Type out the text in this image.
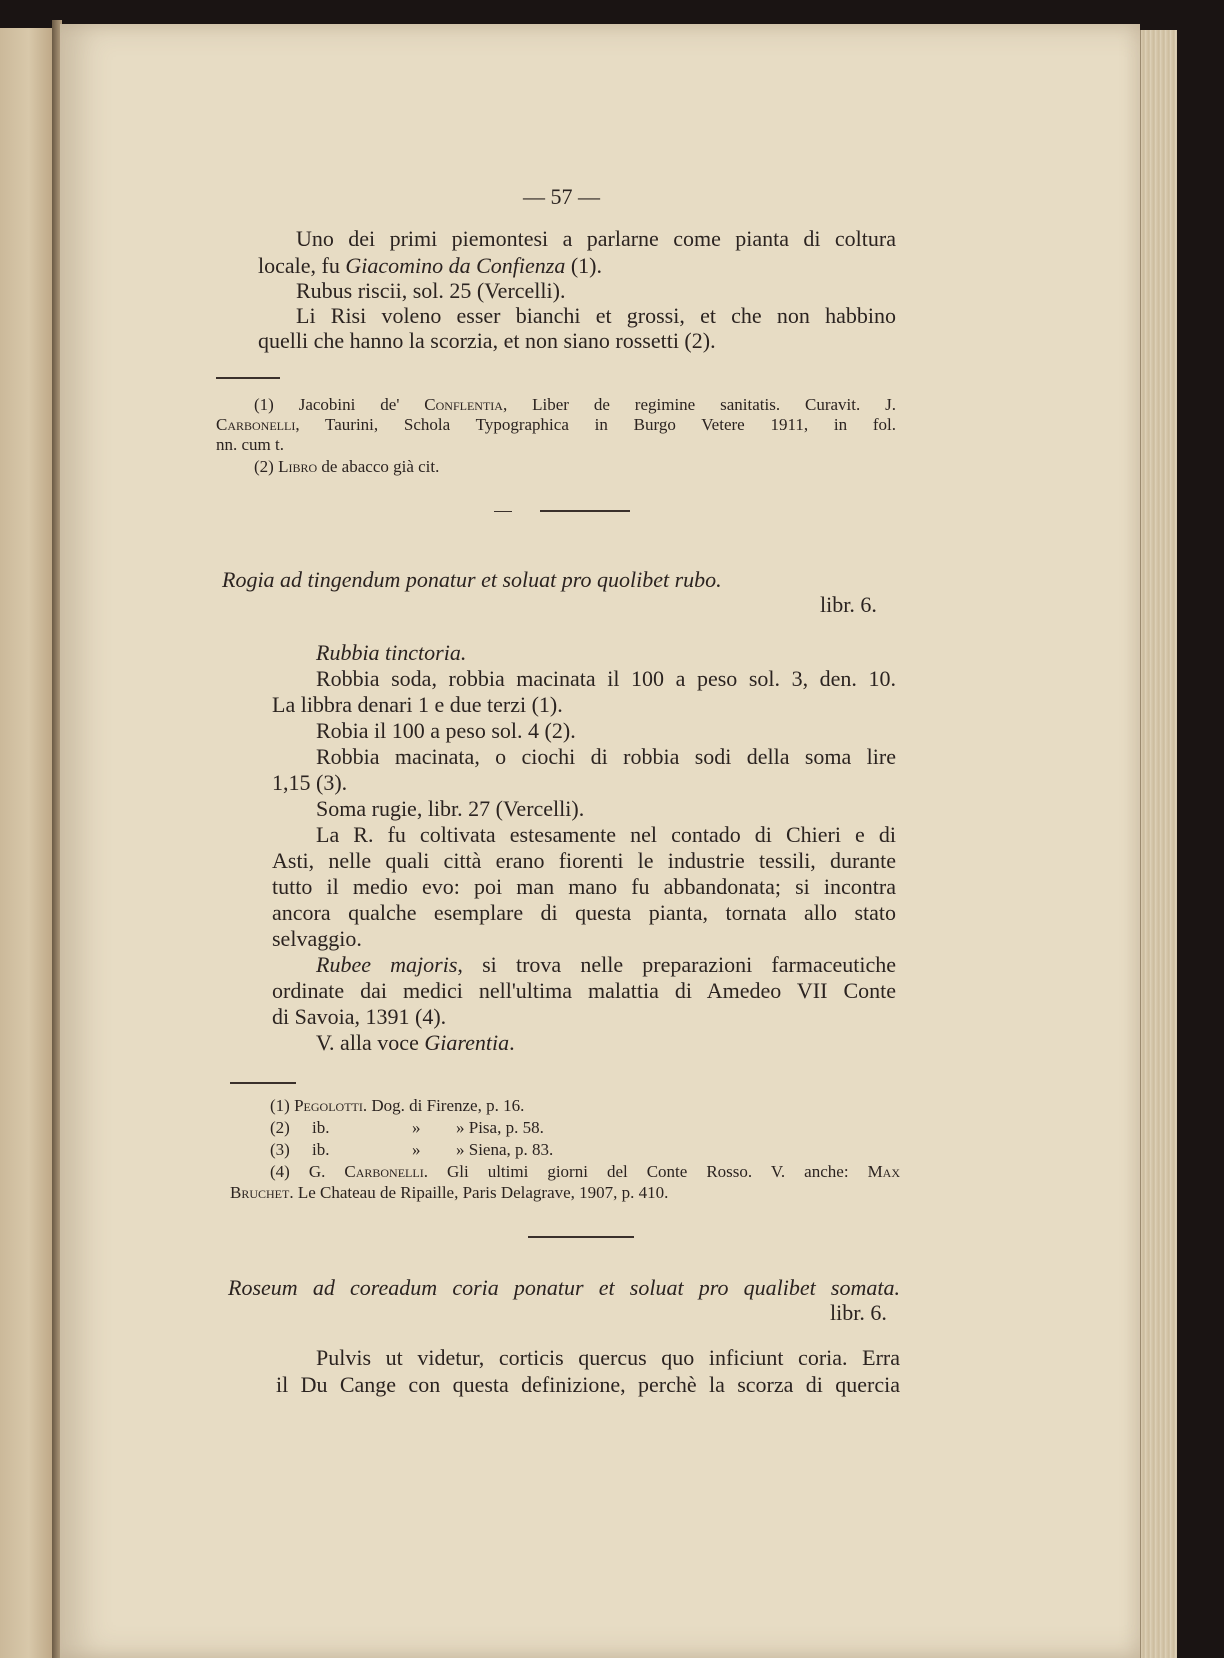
— 57 —
Uno dei primi piemontesi a parlarne come pianta di coltura
locale, fu Giacomino da Confienza (1).
Rubus riscii, sol. 25 (Vercelli).
Li Risi voleno esser bianchi et grossi, et che non habbino
quelli che hanno la scorzia, et non siano rossetti (2).
(1) Jacobini de' Conflentia, Liber de regimine sanitatis. Curavit. J.
Carbonelli, Taurini, Schola Typographica in Burgo Vetere 1911, in fol.
nn. cum t.
(2) Libro de abacco già cit.
Rogia ad tingendum ponatur et soluat pro quolibet rubo.
libr. 6.
Rubbia tinctoria.
Robbia soda, robbia macinata il 100 a peso sol. 3, den. 10.
La libbra denari 1 e due terzi (1).
Robia il 100 a peso sol. 4 (2).
Robbia macinata, o ciochi di robbia sodi della soma lire
1,15 (3).
Soma rugie, libr. 27 (Vercelli).
La R. fu coltivata estesamente nel contado di Chieri e di
Asti, nelle quali città erano fiorenti le industrie tessili, durante
tutto il medio evo: poi man mano fu abbandonata; si incontra
ancora qualche esemplare di questa pianta, tornata allo stato
selvaggio.
Rubee majoris, si trova nelle preparazioni farmaceutiche
ordinate dai medici nell'ultima malattia di Amedeo VII Conte
di Savoia, 1391 (4).
V. alla voce Giarentia.
(1) Pegolotti. Dog. di Firenze, p. 16.
(2) ib.	» » Pisa, p. 58.
(3) ib.	» » Siena, p. 83.
(4) G. Carbonelli. Gli ultimi giorni del Conte Rosso. V. anche: Max
Bruchet. Le Chateau de Ripaille, Paris Delagrave, 1907, p. 410.
Roseum ad coreadum coria ponatur et soluat pro qualibet somata.
libr. 6.
Pulvis ut videtur, corticis quercus quo inficiunt coria. Erra
il Du Cange con questa definizione, perchè la scorza di quercia
